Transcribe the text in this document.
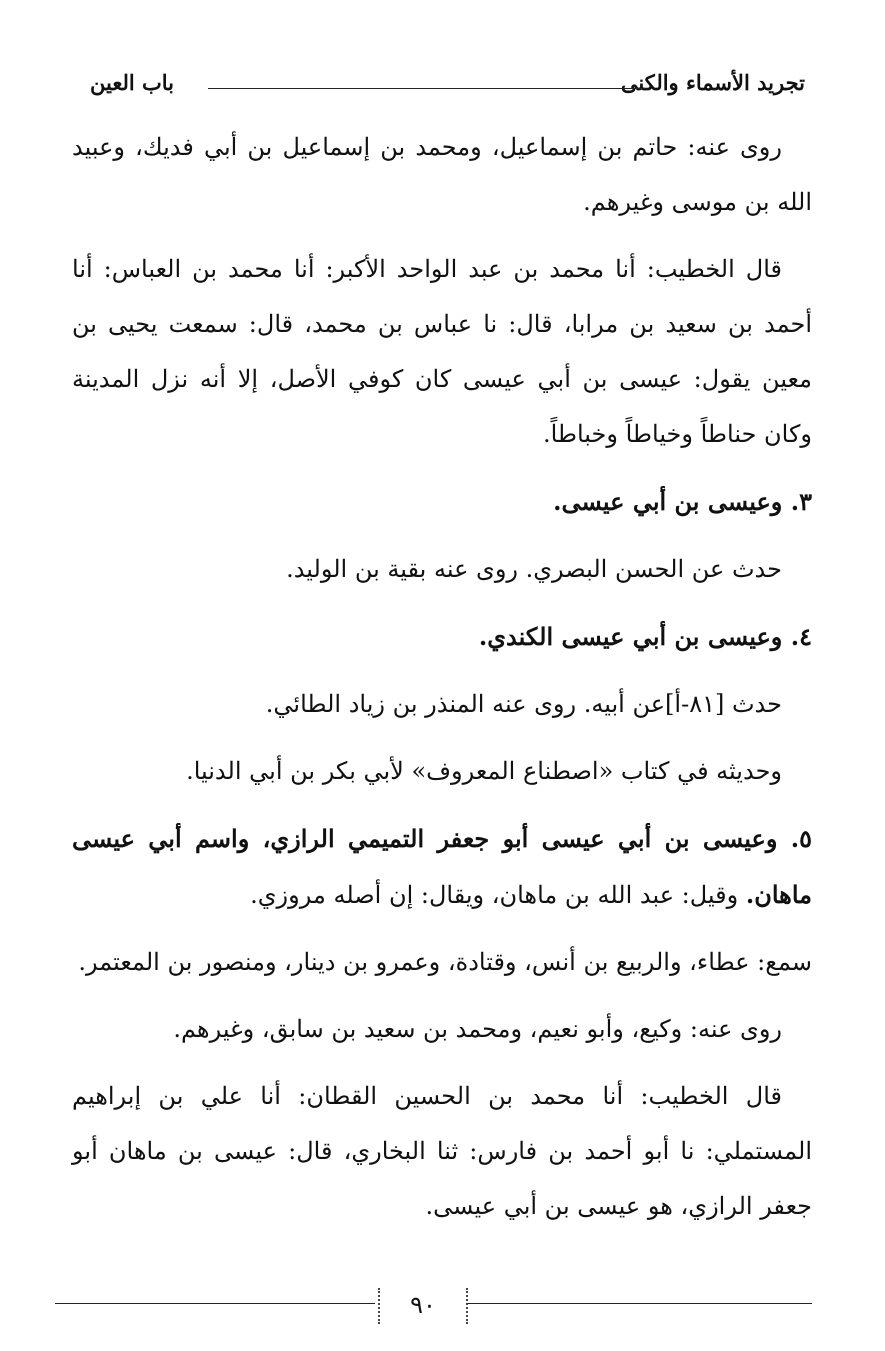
تجريد الأسماء والكنى
باب العين

روى عنه: حاتم بن إسماعيل، ومحمد بن إسماعيل بن أبي فديك، وعبيد الله بن موسى وغيرهم.

قال الخطيب: أنا محمد بن عبد الواحد الأكبر: أنا محمد بن العباس: أنا أحمد بن سعيد بن مرابا، قال: نا عباس بن محمد، قال: سمعت يحيى بن معين يقول: عيسى بن أبي عيسى كان كوفي الأصل، إلا أنه نزل المدينة وكان حناطاً وخياطاً وخباطاً.

٣. وعيسى بن أبي عيسى.

حدث عن الحسن البصري. روى عنه بقية بن الوليد.

٤. وعيسى بن أبي عيسى الكندي.

حدث [٨١-أ]عن أبيه. روى عنه المنذر بن زياد الطائي.

وحديثه في كتاب «اصطناع المعروف» لأبي بكر بن أبي الدنيا.

٥. وعيسى بن أبي عيسى أبو جعفر التميمي الرازي، واسم أبي عيسى ماهان. وقيل: عبد الله بن ماهان، ويقال: إن أصله مروزي.

سمع: عطاء، والربيع بن أنس، وقتادة، وعمرو بن دينار، ومنصور بن المعتمر.

روى عنه: وكيع، وأبو نعيم، ومحمد بن سعيد بن سابق، وغيرهم.

قال الخطيب: أنا محمد بن الحسين القطان: أنا علي بن إبراهيم المستملي: نا أبو أحمد بن فارس: ثنا البخاري، قال: عيسى بن ماهان أبو جعفر الرازي، هو عيسى بن أبي عيسى.

٩٠
